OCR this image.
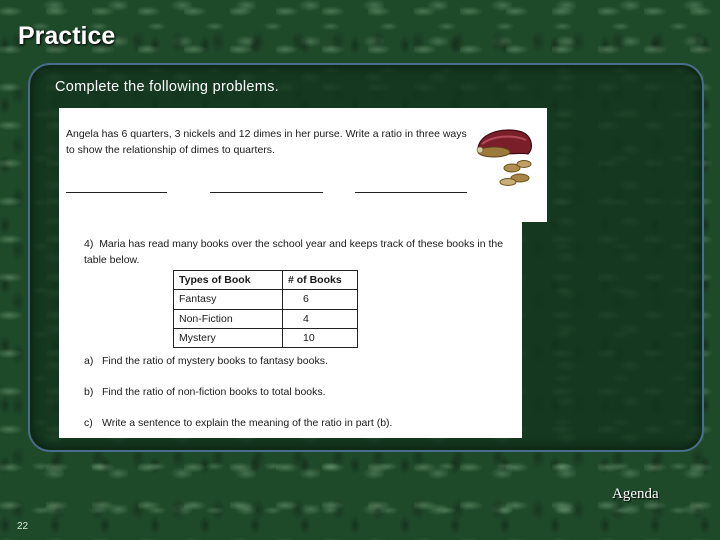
Practice
Complete the following problems.
Angela has 6 quarters, 3 nickels and 12 dimes in her purse. Write a ratio in three ways to show the relationship of dimes to quarters.
4) Maria has read many books over the school year and keeps track of these books in the table below.
Types of Book	# of Books
Fantasy	6
Non-Fiction	4
Mystery	10
a) Find the ratio of mystery books to fantasy books.
b) Find the ratio of non-fiction books to total books.
c) Write a sentence to explain the meaning of the ratio in part (b).
Agenda
22
